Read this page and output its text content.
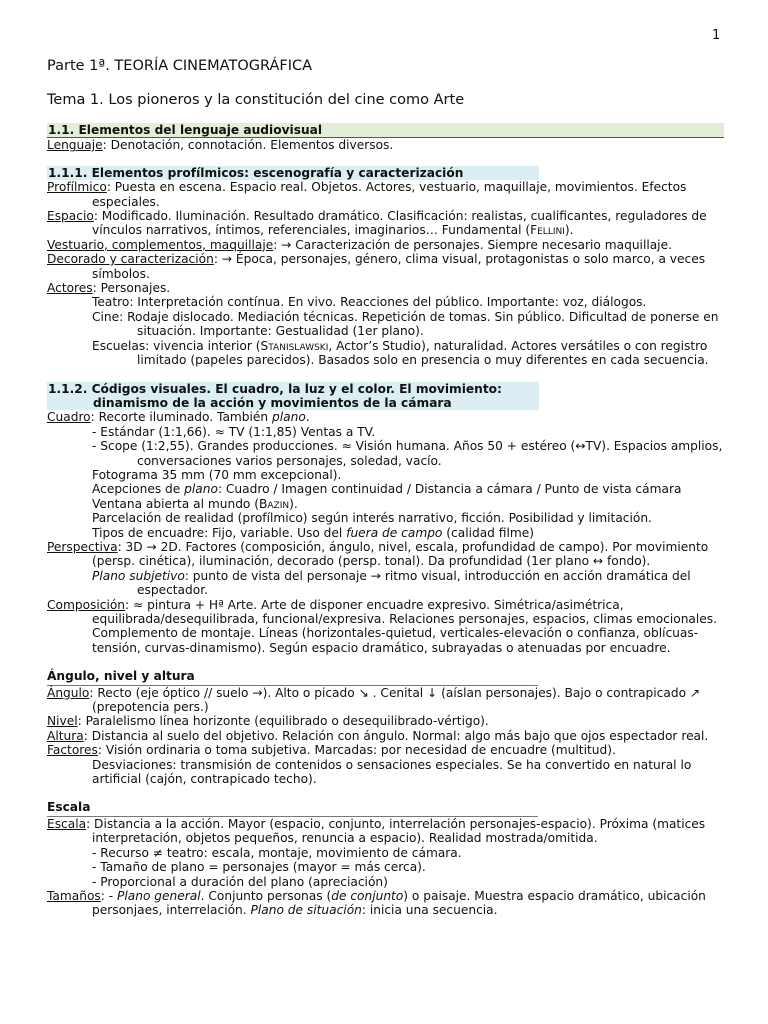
1
Parte 1ª. TEORÍA CINEMATOGRÁFICA
Tema 1. Los pioneros y la constitución del cine como Arte
1.1. Elementos del lenguaje audiovisual

Lenguaje: Denotación, connotación. Elementos diversos.

1.1.1. Elementos profílmicos: escenografía y caracterización

Profílmico: Puesta en escena. Espacio real. Objetos. Actores, vestuario, maquillaje, movimientos. Efectos especiales.

Espacio: Modificado. Iluminación. Resultado dramático. Clasificación: realistas, cualificantes, reguladores de vínculos narrativos, íntimos, referenciales, imaginarios… Fundamental (Fellini).

Vestuario, complementos, maquillaje: → Caracterización de personajes. Siempre necesario maquillaje.

Decorado y caracterización: → Época, personajes, género, clima visual, protagonistas o solo marco, a veces símbolos.

Actores: Personajes.

Teatro: Interpretación contínua. En vivo. Reacciones del público. Importante: voz, diálogos.

Cine: Rodaje dislocado. Mediación técnicas. Repetición de tomas. Sin público. Dificultad de ponerse en situación. Importante: Gestualidad (1er plano).

Escuelas: vivencia interior (Stanislawski, Actor’s Studio), naturalidad. Actores versátiles o con registro limitado (papeles parecidos). Basados solo en presencia o muy diferentes en cada secuencia.

1.1.2. Códigos visuales. El cuadro, la luz y el color. El movimiento:
dinamismo de la acción y movimientos de la cámara

Cuadro: Recorte iluminado. También plano.

- Estándar (1:1,66). ≈ TV (1:1,85) Ventas a TV.

- Scope (1:2,55). Grandes producciones. ≈ Visión humana. Años 50 + estéreo (↔TV). Espacios amplios, conversaciones varios personajes, soledad, vacío.

Fotograma 35 mm (70 mm excepcional).

Acepciones de plano: Cuadro / Imagen continuidad / Distancia a cámara / Punto de vista cámara

Ventana abierta al mundo (Bazin).

Parcelación de realidad (profílmico) según interés narrativo, ficción. Posibilidad y limitación.

Tipos de encuadre: Fijo, variable. Uso del fuera de campo (calidad filme)

Perspectiva: 3D → 2D. Factores (composición, ángulo, nivel, escala, profundidad de campo). Por movimiento (persp. cinética), iluminación, decorado (persp. tonal). Da profundidad (1er plano ↔ fondo).

Plano subjetivo: punto de vista del personaje → ritmo visual, introducción en acción dramática del espectador.

Composición: ≈ pintura + Hª Arte. Arte de disponer encuadre expresivo. Simétrica/asimétrica, equilibrada/desequilibrada, funcional/expresiva. Relaciones personajes, espacios, climas emocionales. Complemento de montaje. Líneas (horizontales-quietud, verticales-elevación o confianza, oblícuas-tensión, curvas-dinamismo). Según espacio dramático, subrayadas o atenuadas por encuadre.

Ángulo, nivel y altura

Ángulo: Recto (eje óptico // suelo →). Alto o picado ↘ . Cenital ↓ (aíslan personajes). Bajo o contrapicado ↗ (prepotencia pers.)

Nivel: Paralelismo línea horizonte (equilibrado o desequilibrado-vértigo).

Altura: Distancia al suelo del objetivo. Relación con ángulo. Normal: algo más bajo que ojos espectador real.

Factores: Visión ordinaria o toma subjetiva. Marcadas: por necesidad de encuadre (multitud).

Desviaciones: transmisión de contenidos o sensaciones especiales. Se ha convertido en natural lo artificial (cajón, contrapicado techo).

Escala

Escala: Distancia a la acción. Mayor (espacio, conjunto, interrelación personajes-espacio). Próxima (matices interpretación, objetos pequeños, renuncia a espacio). Realidad mostrada/omitida.

- Recurso ≠ teatro: escala, montaje, movimiento de cámara.

- Tamaño de plano = personajes (mayor = más cerca).

- Proporcional a duración del plano (apreciación)

Tamaños: - Plano general. Conjunto personas (de conjunto) o paisaje. Muestra espacio dramático, ubicación personjaes, interrelación. Plano de situación: inicia una secuencia.
